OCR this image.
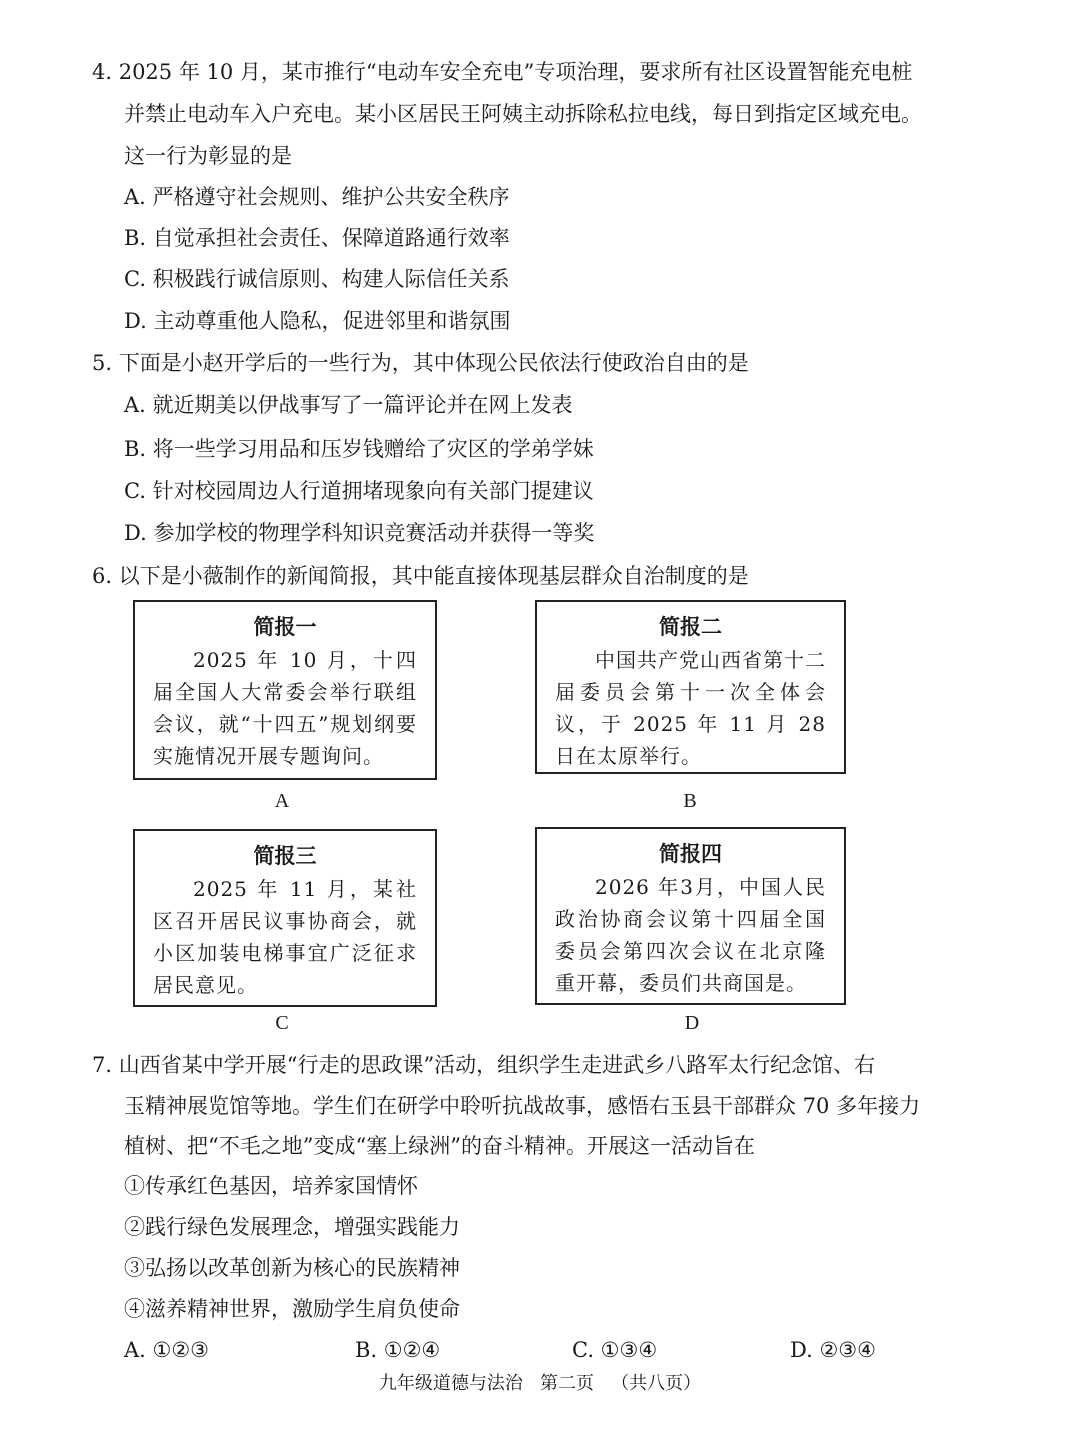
4. 2025 年 10 月，某市推行“电动车安全充电”专项治理，要求所有社区设置智能充电桩
并禁止电动车入户充电。某小区居民王阿姨主动拆除私拉电线，每日到指定区域充电。
这一行为彰显的是
A. 严格遵守社会规则、维护公共安全秩序
B. 自觉承担社会责任、保障道路通行效率
C. 积极践行诚信原则、构建人际信任关系
D. 主动尊重他人隐私，促进邻里和谐氛围
5. 下面是小赵开学后的一些行为，其中体现公民依法行使政治自由的是
A. 就近期美以伊战事写了一篇评论并在网上发表
B. 将一些学习用品和压岁钱赠给了灾区的学弟学妹
C. 针对校园周边人行道拥堵现象向有关部门提建议
D. 参加学校的物理学科知识竞赛活动并获得一等奖
6. 以下是小薇制作的新闻简报，其中能直接体现基层群众自治制度的是
简报一
2025 年 10 月，十四届全国人大常委会举行联组会议，就“十四五”规划纲要实施情况开展专题询问。
A
简报二
中国共产党山西省第十二届委员会第十一次全体会议，于 2025 年 11 月 28 日在太原举行。
B
简报三
2025 年 11 月，某社区召开居民议事协商会，就小区加装电梯事宜广泛征求居民意见。
C
简报四
2026 年3月，中国人民政治协商会议第十四届全国委员会第四次会议在北京隆重开幕，委员们共商国是。
D
7. 山西省某中学开展“行走的思政课”活动，组织学生走进武乡八路军太行纪念馆、右
玉精神展览馆等地。学生们在研学中聆听抗战故事，感悟右玉县干部群众 70 多年接力
植树、把“不毛之地”变成“塞上绿洲”的奋斗精神。开展这一活动旨在
①传承红色基因，培养家国情怀
②践行绿色发展理念，增强实践能力
③弘扬以改革创新为核心的民族精神
④滋养精神世界，激励学生肩负使命
A. ①②③	B. ①②④	C. ①③④	D. ②③④
九年级道德与法治   第二页   （共八页）
